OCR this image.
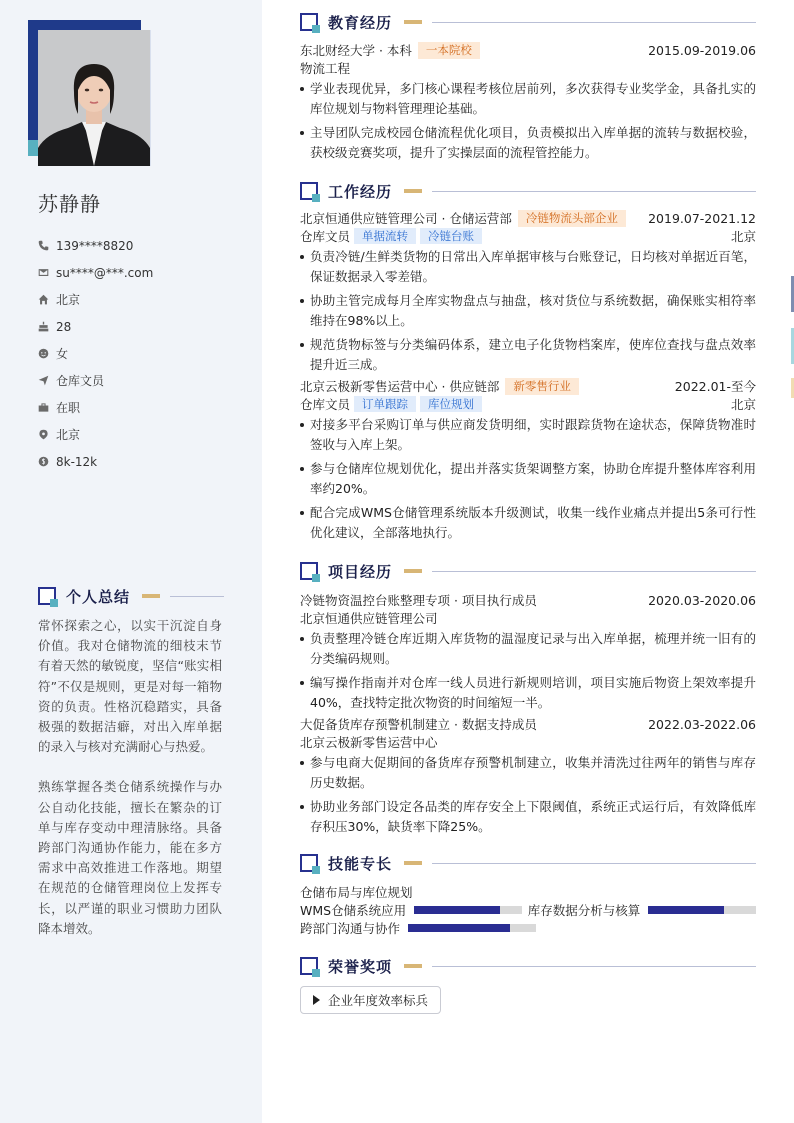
苏静静
139****8820
su****@***.com
北京
28
女
仓库文员
在职
北京
8k-12k
个人总结

常怀探索之心，以实干沉淀自身价值。我对仓储物流的细枝末节有着天然的敏锐度，坚信“账实相符”不仅是规则，更是对每一箱物资的负责。性格沉稳踏实，具备极强的数据洁癖，对出入库单据的录入与核对充满耐心与热爱。

熟练掌握各类仓储系统操作与办公自动化技能，擅长在繁杂的订单与库存变动中理清脉络。具备跨部门沟通协作能力，能在多方需求中高效推进工作落地。期望在规范的仓储管理岗位上发挥专长，以严谨的职业习惯助力团队降本增效。

教育经历
东北财经大学 · 本科	一本院校	2015.09-2019.06
物流工程
学业表现优异，多门核心课程考核位居前列，多次获得专业奖学金，具备扎实的库位规划与物料管理理论基础。
主导团队完成校园仓储流程优化项目，负责模拟出入库单据的流转与数据校验，获校级竞赛奖项，提升了实操层面的流程管控能力。
工作经历
北京恒通供应链管理公司 · 仓储运营部	冷链物流头部企业	2019.07-2021.12
仓库文员	单据流转	冷链台账	北京
负责冷链/生鲜类货物的日常出入库单据审核与台账登记，日均核对单据近百笔，保证数据录入零差错。
协助主管完成每月全库实物盘点与抽盘，核对货位与系统数据，确保账实相符率维持在98%以上。
规范货物标签与分类编码体系，建立电子化货物档案库，使库位查找与盘点效率提升近三成。
北京云极新零售运营中心 · 供应链部	新零售行业	2022.01-至今
仓库文员	订单跟踪	库位规划	北京
对接多平台采购订单与供应商发货明细，实时跟踪货物在途状态，保障货物准时签收与入库上架。
参与仓储库位规划优化，提出并落实货架调整方案，协助仓库提升整体库容利用率约20%。
配合完成WMS仓储管理系统版本升级测试，收集一线作业痛点并提出5条可行性优化建议，全部落地执行。
项目经历
冷链物资温控台账整理专项 · 项目执行成员	2020.03-2020.06
北京恒通供应链管理公司
负责整理冷链仓库近期入库货物的温湿度记录与出入库单据，梳理并统一旧有的分类编码规则。
编写操作指南并对仓库一线人员进行新规则培训，项目实施后物资上架效率提升40%，查找特定批次物资的时间缩短一半。
大促备货库存预警机制建立 · 数据支持成员	2022.03-2022.06
北京云极新零售运营中心
参与电商大促期间的备货库存预警机制建立，收集并清洗过往两年的销售与库存历史数据。
协助业务部门设定各品类的库存安全上下限阈值，系统正式运行后，有效降低库存积压30%，缺货率下降25%。
技能专长
仓储布局与库位规划
WMS仓储系统应用	库存数据分析与核算
跨部门沟通与协作
荣誉奖项
企业年度效率标兵
